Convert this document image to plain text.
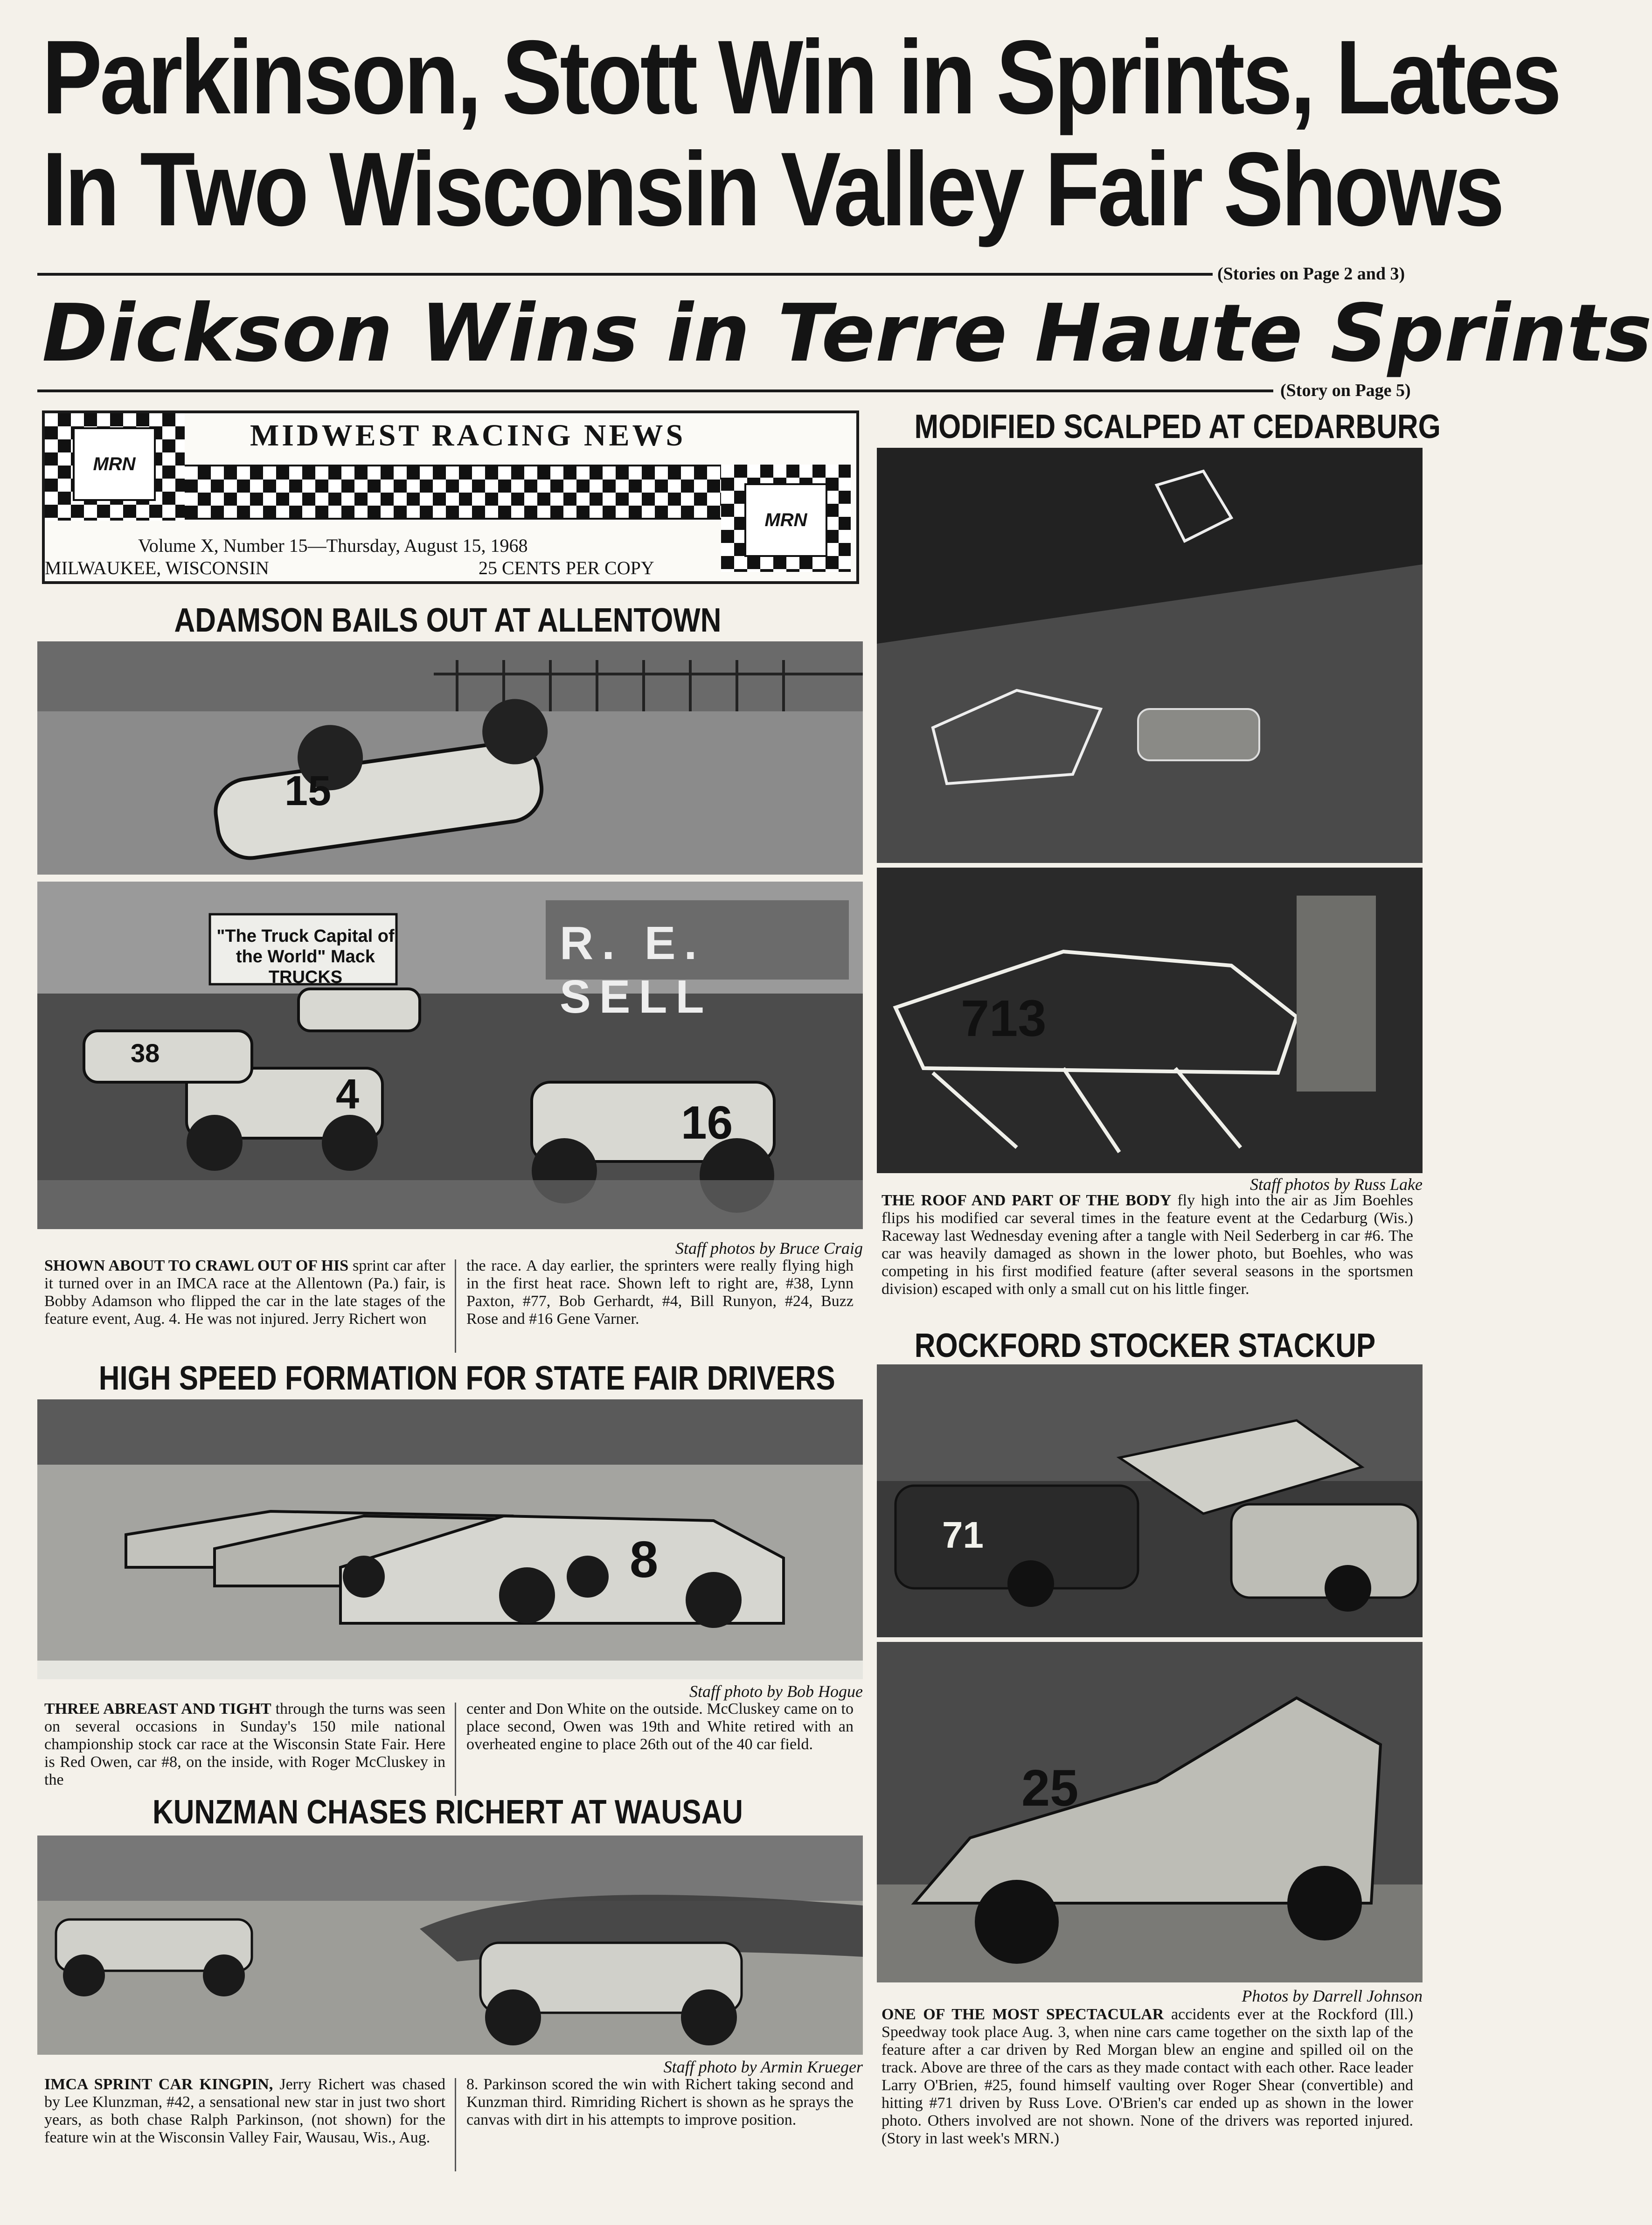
Parkinson, Stott Win in Sprints, Lates
In Two Wisconsin Valley Fair Shows
(Stories on Page 2 and 3)
Dickson Wins in Terre Haute Sprints
(Story on Page 5)
MRN
MIDWEST RACING NEWS
MRN
Volume X, Number 15—Thursday, August 15, 1968
MILWAUKEE, WISCONSIN	25 CENTS PER COPY
ADAMSON BAILS OUT AT ALLENTOWN
15
"The Truck Capital of the World" Mack TRUCKS
R. E. SELL
38
4
16
Staff photos by Bruce Craig
SHOWN ABOUT TO CRAWL OUT OF HIS sprint car after it turned over in an IMCA race at the Allentown (Pa.) fair, is Bobby Adamson who flipped the car in the late stages of the feature event, Aug. 4. He was not injured. Jerry Richert won
the race. A day earlier, the sprinters were really flying high in the first heat race. Shown left to right are, #38, Lynn Paxton, #77, Bob Gerhardt, #4, Bill Runyon, #24, Buzz Rose and #16 Gene Varner.
HIGH SPEED FORMATION FOR STATE FAIR DRIVERS
8
Staff photo by Bob Hogue
THREE ABREAST AND TIGHT through the turns was seen on several occasions in Sunday's 150 mile national championship stock car race at the Wisconsin State Fair. Here is Red Owen, car #8, on the inside, with Roger McCluskey in the
center and Don White on the outside. McCluskey came on to place second, Owen was 19th and White retired with an overheated engine to place 26th out of the 40 car field.
KUNZMAN CHASES RICHERT AT WAUSAU
Staff photo by Armin Krueger
IMCA SPRINT CAR KINGPIN, Jerry Richert was chased by Lee Klunzman, #42, a sensational new star in just two short years, as both chase Ralph Parkinson, (not shown) for the feature win at the Wisconsin Valley Fair, Wausau, Wis., Aug.
8. Parkinson scored the win with Richert taking second and Kunzman third. Rimriding Richert is shown as he sprays the canvas with dirt in his attempts to improve position.
MODIFIED SCALPED AT CEDARBURG
713
Staff photos by Russ Lake
THE ROOF AND PART OF THE BODY fly high into the air as Jim Boehles flips his modified car several times in the feature event at the Cedarburg (Wis.) Raceway last Wednesday evening after a tangle with Neil Sederberg in car #6. The car was heavily damaged as shown in the lower photo, but Boehles, who was competing in his first modified feature (after several seasons in the sportsmen division) escaped with only a small cut on his little finger.
ROCKFORD STOCKER STACKUP
71
25
Photos by Darrell Johnson
ONE OF THE MOST SPECTACULAR accidents ever at the Rockford (Ill.) Speedway took place Aug. 3, when nine cars came together on the sixth lap of the feature after a car driven by Red Morgan blew an engine and spilled oil on the track. Above are three of the cars as they made contact with each other. Race leader Larry O'Brien, #25, found himself vaulting over Roger Shear (convertible) and hitting #71 driven by Russ Love. O'Brien's car ended up as shown in the lower photo. Others involved are not shown. None of the drivers was reported injured. (Story in last week's MRN.)
